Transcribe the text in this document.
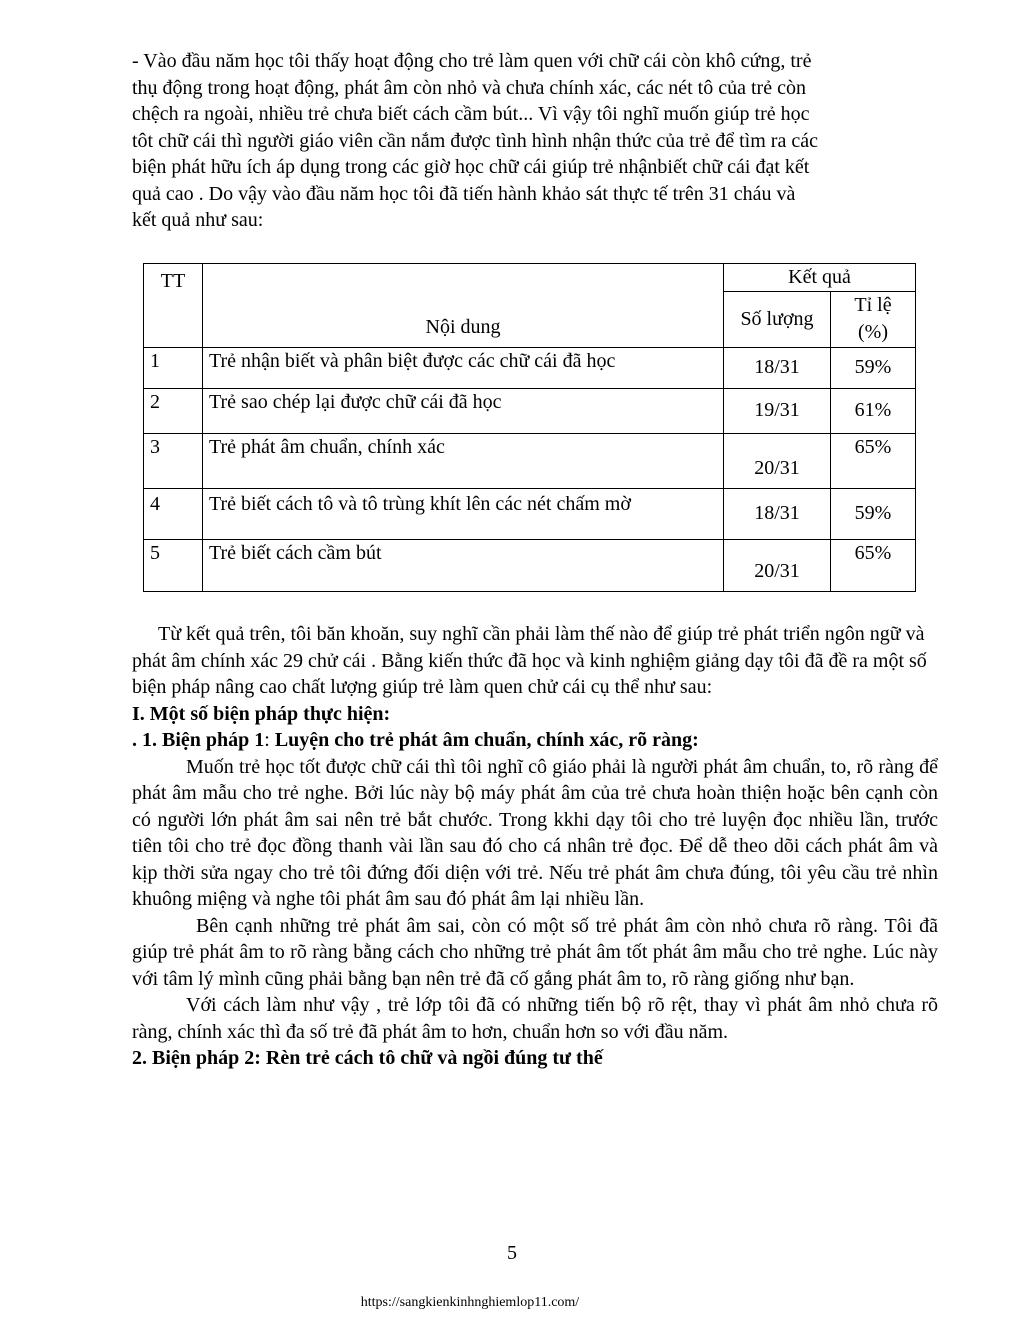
- Vào đầu năm học tôi thấy hoạt động cho trẻ làm quen với chữ cái còn khô cứng, trẻ

thụ động trong hoạt động, phát âm còn nhỏ và chưa chính xác, các nét tô của trẻ còn

chệch ra ngoài, nhiều trẻ chưa biết cách cầm bút... Vì vậy tôi nghĩ muốn giúp trẻ học

tôt chữ cái thì người giáo viên cần nắm được tình hình nhận thức của trẻ để tìm ra các

biện phát hữu ích áp dụng trong các giờ học chữ cái giúp trẻ nhậnbiết chữ cái đạt kết

quả cao . Do vậy vào đầu năm học tôi đã tiến hành khảo sát thực tế trên 31 cháu và

kết quả như sau:

TT	Nội dung	Kết quả	
		Số lượng	Tỉ lệ (%)
1	Trẻ nhận biết và phân biệt được các chữ cái đã học	18/31	59%
2	Trẻ sao chép lại được chữ cái đã học	19/31	61%
3	Trẻ phát âm chuẩn, chính xác	20/31	65%
4	Trẻ biết cách tô và tô trùng khít lên các nét chấm mờ	18/31	59%
5	Trẻ biết cách cầm bút	20/31	65%

Từ kết quả trên, tôi băn khoăn, suy nghĩ cần phải làm thế nào để giúp trẻ phát triển ngôn ngữ và phát âm chính xác 29 chử cái . Bằng kiến thức đã học và kinh nghiệm giảng dạy tôi đã đề ra một số biện pháp nâng cao chất lượng giúp trẻ làm quen chử cái cụ thể như sau:

I. Một số biện pháp thực hiện:

. 1. Biện pháp 1: Luyện cho trẻ phát âm chuẩn, chính xác, rõ ràng:

Muốn trẻ học tốt được chữ cái thì tôi nghĩ cô giáo phải là người phát âm chuẩn, to, rõ ràng để phát âm mẫu cho trẻ nghe. Bởi lúc này bộ máy phát âm của trẻ chưa hoàn thiện hoặc bên cạnh còn có người lớn phát âm sai nên trẻ bắt chước. Trong kkhi dạy tôi cho trẻ luyện đọc nhiều lần, trước tiên tôi cho trẻ đọc đồng thanh vài lần sau đó cho cá nhân trẻ đọc. Để dễ theo dõi cách phát âm và kịp thời sửa ngay cho trẻ tôi đứng đối diện với trẻ. Nếu trẻ phát âm chưa đúng, tôi yêu cầu trẻ nhìn khuông miệng và nghe tôi phát âm sau đó phát âm lại nhiều lần.

Bên cạnh những trẻ phát âm sai, còn có một số trẻ phát âm còn nhỏ chưa rõ ràng. Tôi đã giúp trẻ phát âm to rõ ràng bằng cách cho những trẻ phát âm tốt phát âm mẫu cho trẻ nghe. Lúc này với tâm lý mình cũng phải bằng bạn nên trẻ đã cố gắng phát âm to, rõ ràng giống như bạn.

Với cách làm như vậy , trẻ lớp tôi đã có những tiến bộ rõ rệt, thay vì phát âm nhỏ chưa rõ ràng, chính xác thì đa số trẻ đã phát âm to hơn, chuẩn hơn so với đầu năm.

2. Biện pháp 2: Rèn trẻ cách tô chữ và ngồi đúng tư thế
5
https://sangkienkinhnghiemlop11.com/
